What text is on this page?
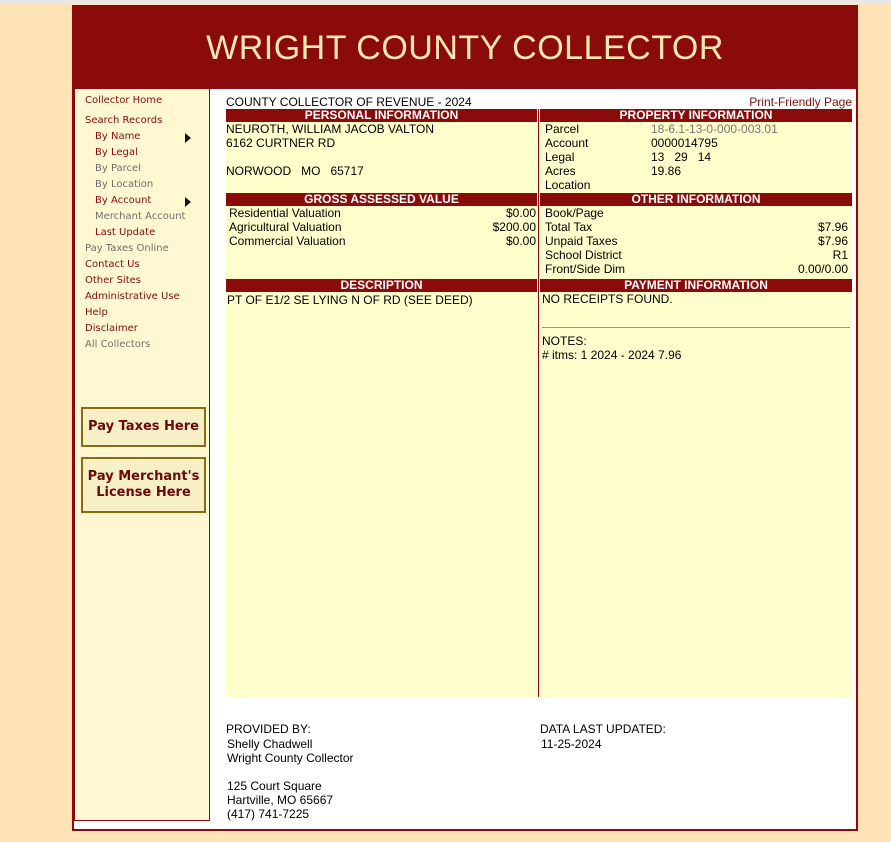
WRIGHT COUNTY COLLECTOR
Collector Home
Search Records
By Name
By Legal
By Parcel
By Location
By Account
Merchant Account
Last Update
Pay Taxes Online
Contact Us
Other Sites
Administrative Use
Help
Disclaimer
All Collectors
Pay Taxes Here
Pay Merchant's
License Here
COUNTY COLLECTOR OF REVENUE - 2024	Print-Friendly Page
PERSONAL INFORMATION
NEUROTH, WILLIAM JACOB VALTON
6162 CURTNER RD
NORWOOD   MO   65717
PROPERTY INFORMATION
Parcel	18-6.1-13-0-000-003.01
Account	0000014795
Legal	13   29   14
Acres	19.86
Location
GROSS ASSESSED VALUE
Residential Valuation	$0.00
Agricultural Valuation	$200.00
Commercial Valuation	$0.00
OTHER INFORMATION
Book/Page
Total Tax	$7.96
Unpaid Taxes	$7.96
School District	R1
Front/Side Dim	0.00/0.00
DESCRIPTION
PT OF E1/2 SE LYING N OF RD (SEE DEED)
PAYMENT INFORMATION
NO RECEIPTS FOUND.
NOTES:
# itms: 1 2024 - 2024 7.96
PROVIDED BY:
Shelly Chadwell
Wright County Collector
125 Court Square
Hartville, MO 65667
(417) 741-7225
DATA LAST UPDATED:
11-25-2024
